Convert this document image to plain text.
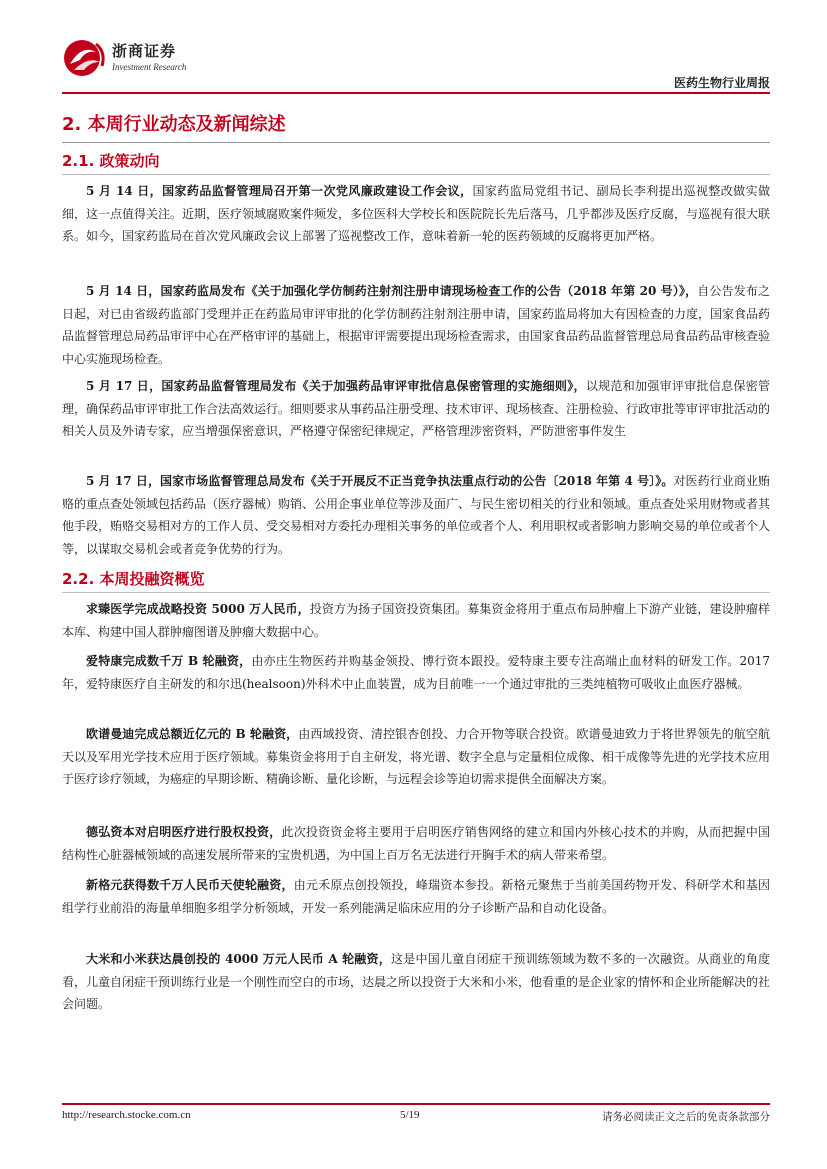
浙商证券
Investment Research
医药生物行业周报
2. 本周行业动态及新闻综述
2.1. 政策动向

5 月 14 日，国家药品监督管理局召开第一次党风廉政建设工作会议，国家药监局党组书记、副局长李利提出巡视整改做实做细，这一点值得关注。近期，医疗领域腐败案件频发，多位医科大学校长和医院院长先后落马，几乎都涉及医疗反腐，与巡视有很大联系。如今，国家药监局在首次党风廉政会议上部署了巡视整改工作，意味着新一轮的医药领域的反腐将更加严格。

5 月 14 日，国家药监局发布《关于加强化学仿制药注射剂注册申请现场检查工作的公告（2018 年第 20 号）》，自公告发布之日起，对已由省级药监部门受理并正在药监局审评审批的化学仿制药注射剂注册申请，国家药监局将加大有因检查的力度，国家食品药品监督管理总局药品审评中心在严格审评的基础上，根据审评需要提出现场检查需求，由国家食品药品监督管理总局食品药品审核查验中心实施现场检查。

5 月 17 日，国家药品监督管理局发布《关于加强药品审评审批信息保密管理的实施细则》，以规范和加强审评审批信息保密管理，确保药品审评审批工作合法高效运行。细则要求从事药品注册受理、技术审评、现场核查、注册检验、行政审批等审评审批活动的相关人员及外请专家，应当增强保密意识，严格遵守保密纪律规定，严格管理涉密资料，严防泄密事件发生

5 月 17 日，国家市场监督管理总局发布《关于开展反不正当竞争执法重点行动的公告〔2018 年第 4 号〕》。对医药行业商业贿赂的重点查处领域包括药品（医疗器械）购销、公用企事业单位等涉及面广、与民生密切相关的行业和领域。重点查处采用财物或者其他手段，贿赂交易相对方的工作人员、受交易相对方委托办理相关事务的单位或者个人、利用职权或者影响力影响交易的单位或者个人等，以谋取交易机会或者竞争优势的行为。

2.2. 本周投融资概览

求臻医学完成战略投资 5000 万人民币，投资方为扬子国资投资集团。募集资金将用于重点布局肿瘤上下游产业链，建设肿瘤样本库、构建中国人群肿瘤图谱及肿瘤大数据中心。

爱特康完成数千万 B 轮融资，由亦庄生物医药并购基金领投、博行资本跟投。爱特康主要专注高端止血材料的研发工作。2017 年，爱特康医疗自主研发的和尔迅(healsoon)外科术中止血装置，成为目前唯一一个通过审批的三类纯植物可吸收止血医疗器械。

欧谱曼迪完成总额近亿元的 B 轮融资，由西域投资、清控银杏创投、力合开物等联合投资。欧谱曼迪致力于将世界领先的航空航天以及军用光学技术应用于医疗领域。募集资金将用于自主研发，将光谱、数字全息与定量相位成像、相干成像等先进的光学技术应用于医疗诊疗领域，为癌症的早期诊断、精确诊断、量化诊断，与远程会诊等迫切需求提供全面解决方案。

德弘资本对启明医疗进行股权投资，此次投资资金将主要用于启明医疗销售网络的建立和国内外核心技术的并购，从而把握中国结构性心脏器械领域的高速发展所带来的宝贵机遇，为中国上百万名无法进行开胸手术的病人带来希望。

新格元获得数千万人民币天使轮融资，由元禾原点创投领投，峰瑞资本参投。新格元聚焦于当前美国药物开发、科研学术和基因组学行业前沿的海量单细胞多组学分析领域，开发一系列能满足临床应用的分子诊断产品和自动化设备。

大米和小米获达晨创投的 4000 万元人民币 A 轮融资，这是中国儿童自闭症干预训练领域为数不多的一次融资。从商业的角度看，儿童自闭症干预训练行业是一个刚性而空白的市场，达晨之所以投资于大米和小米，他看重的是企业家的情怀和企业所能解决的社会问题。

http://research.stocke.com.cn	5/19	请务必阅读正文之后的免责条款部分
